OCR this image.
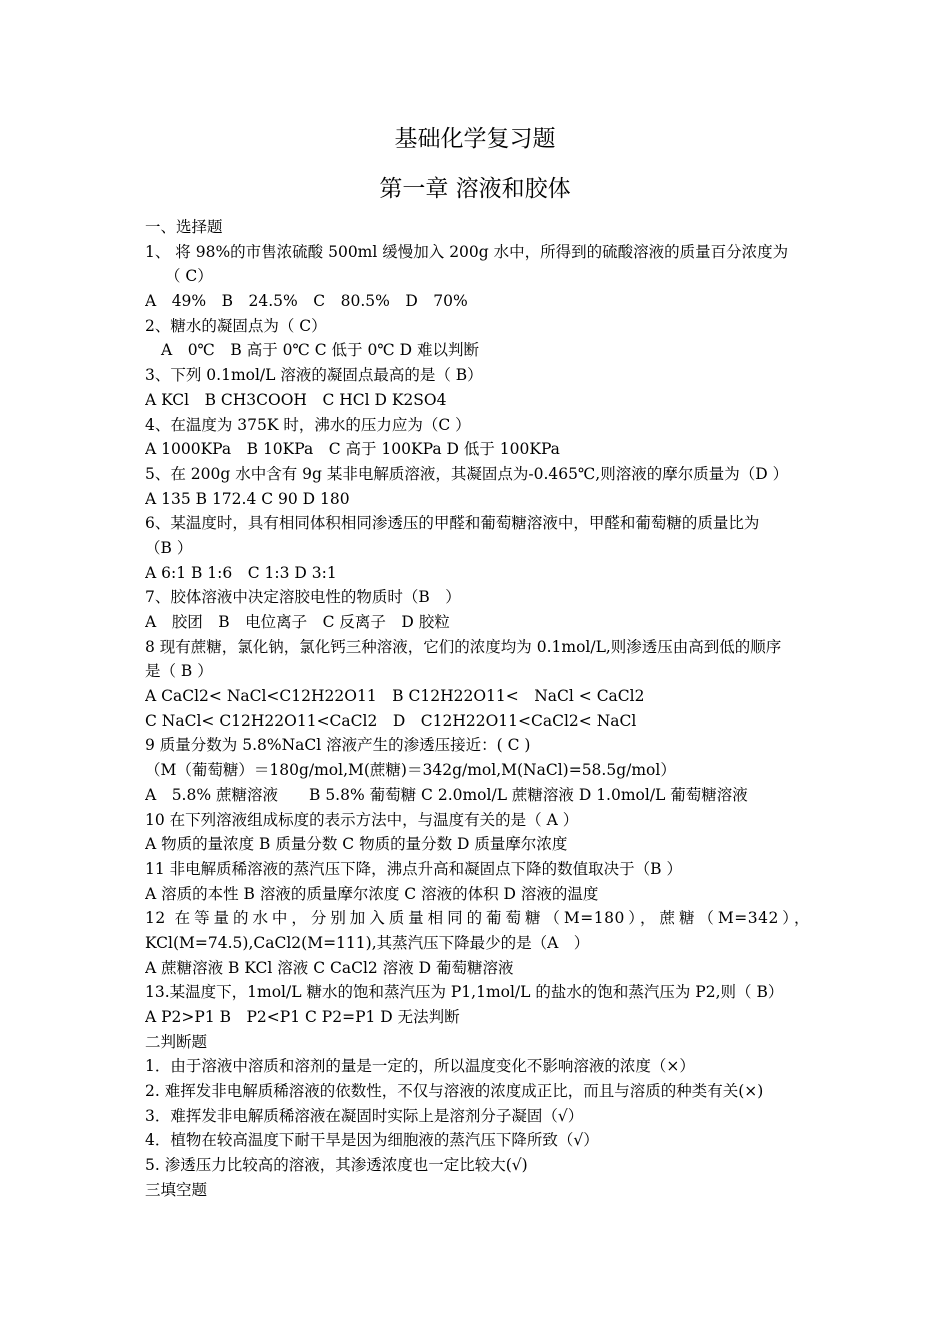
基础化学复习题
第一章 溶液和胶体
一、选择题
1、 将 98%的市售浓硫酸 500ml 缓慢加入 200g 水中，所得到的硫酸溶液的质量百分浓度为
（ C）
A　49%　B　24.5%　C　80.5%　D　70%
2、糖水的凝固点为（ C）
A　0℃　B 高于 0℃ C 低于 0℃ D 难以判断
3、下列 0.1mol/L 溶液的凝固点最高的是（ B）
A KCl　B CH3COOH　C HCl D K2SO4
4、在温度为 375K 时，沸水的压力应为（C ）
A 1000KPa　B 10KPa　C 高于 100KPa D 低于 100KPa
5、在 200g 水中含有 9g 某非电解质溶液，其凝固点为-0.465℃,则溶液的摩尔质量为（D ）
A 135 B 172.4 C 90 D 180
6、某温度时，具有相同体积相同渗透压的甲醛和葡萄糖溶液中，甲醛和葡萄糖的质量比为
（B ）
A 6:1 B 1:6　C 1:3 D 3:1
7、胶体溶液中决定溶胶电性的物质时（B　）
A　胶团　B　电位离子　C 反离子　D 胶粒
8 现有蔗糖，氯化钠，氯化钙三种溶液，它们的浓度均为 0.1mol/L,则渗透压由高到低的顺序
是（ B ）
A CaCl2< NaCl<C12H22O11　B C12H22O11<　NaCl < CaCl2
C NaCl< C12H22O11<CaCl2　D　C12H22O11<CaCl2< NaCl
9 质量分数为 5.8%NaCl 溶液产生的渗透压接近：( C )
（M（葡萄糖）＝180g/mol,M(蔗糖)＝342g/mol,M(NaCl)=58.5g/mol）
A　5.8% 蔗糖溶液　　B 5.8% 葡萄糖 C 2.0mol/L 蔗糖溶液 D 1.0mol/L 葡萄糖溶液
10 在下列溶液组成标度的表示方法中，与温度有关的是（ A ）
A 物质的量浓度 B 质量分数 C 物质的量分数 D 质量摩尔浓度
11 非电解质稀溶液的蒸汽压下降，沸点升高和凝固点下降的数值取决于（B ）
A 溶质的本性 B 溶液的质量摩尔浓度 C 溶液的体积 D 溶液的温度
12 在等量的水中，分别加入质量相同的葡萄糖（M=180），蔗糖（M=342），
KCl(M=74.5),CaCl2(M=111),其蒸汽压下降最少的是（A　）
A 蔗糖溶液 B KCl 溶液 C CaCl2 溶液 D 葡萄糖溶液
13.某温度下，1mol/L 糖水的饱和蒸汽压为 P1,1mol/L 的盐水的饱和蒸汽压为 P2,则（ B）
A P2>P1 B　P2<P1 C P2=P1 D 无法判断
二判断题
1．由于溶液中溶质和溶剂的量是一定的，所以温度变化不影响溶液的浓度（×）
2. 难挥发非电解质稀溶液的依数性，不仅与溶液的浓度成正比，而且与溶质的种类有关(×)
3．难挥发非电解质稀溶液在凝固时实际上是溶剂分子凝固（√）
4．植物在较高温度下耐干旱是因为细胞液的蒸汽压下降所致（√）
5. 渗透压力比较高的溶液，其渗透浓度也一定比较大(√)
三填空题
